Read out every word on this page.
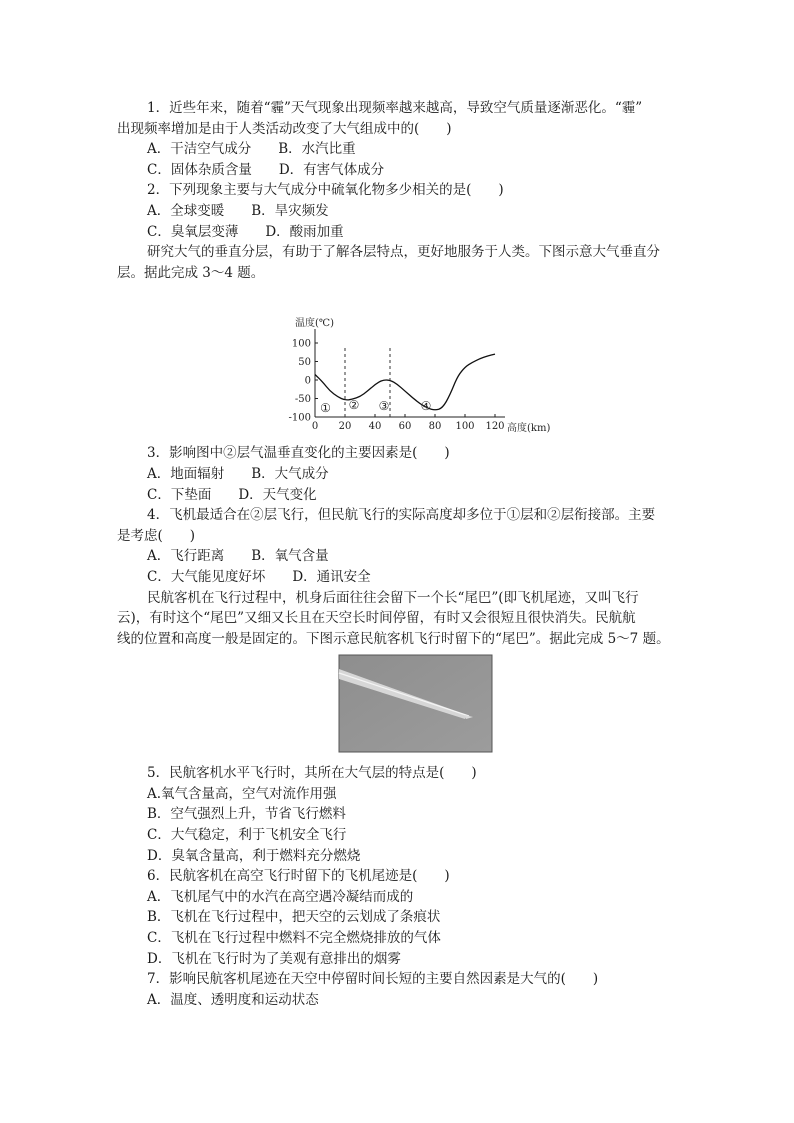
1．近些年来，随着“霾”天气现象出现频率越来越高，导致空气质量逐渐恶化。“霾”
出现频率增加是由于人类活动改变了大气组成中的(　　)
A．干洁空气成分　　B．水汽比重
C．固体杂质含量　　D．有害气体成分
2．下列现象主要与大气成分中硫氧化物多少相关的是(　　)
A．全球变暖　　B．旱灾频发
C．臭氧层变薄　　D．酸雨加重
研究大气的垂直分层，有助于了解各层特点，更好地服务于人类。下图示意大气垂直分
层。据此完成 3～4 题。
100
50
0
-50
-100
0 20 40 60 80 100 120
温度(℃)
高度(km)
① ② ③	④
3．影响图中②层气温垂直变化的主要因素是(　　)
A．地面辐射　　B．大气成分
C．下垫面　　D．天气变化
4．飞机最适合在②层飞行，但民航飞行的实际高度却多位于①层和②层衔接部。主要
是考虑(　　)
A．飞行距离　　B．氧气含量
C．大气能见度好坏　　D．通讯安全
民航客机在飞行过程中，机身后面往往会留下一个长“尾巴”(即飞机尾迹，又叫飞行
云)，有时这个“尾巴”又细又长且在天空长时间停留，有时又会很短且很快消失。民航航
线的位置和高度一般是固定的。下图示意民航客机飞行时留下的“尾巴”。据此完成 5～7 题。
5．民航客机水平飞行时，其所在大气层的特点是(　　)
A.氧气含量高，空气对流作用强
B．空气强烈上升，节省飞行燃料
C．大气稳定，利于飞机安全飞行
D．臭氧含量高，利于燃料充分燃烧
6．民航客机在高空飞行时留下的飞机尾迹是(　　)
A．飞机尾气中的水汽在高空遇冷凝结而成的
B．飞机在飞行过程中，把天空的云划成了条痕状
C．飞机在飞行过程中燃料不完全燃烧排放的气体
D．飞机在飞行时为了美观有意排出的烟雾
7．影响民航客机尾迹在天空中停留时间长短的主要自然因素是大气的(　　)
A．温度、透明度和运动状态
